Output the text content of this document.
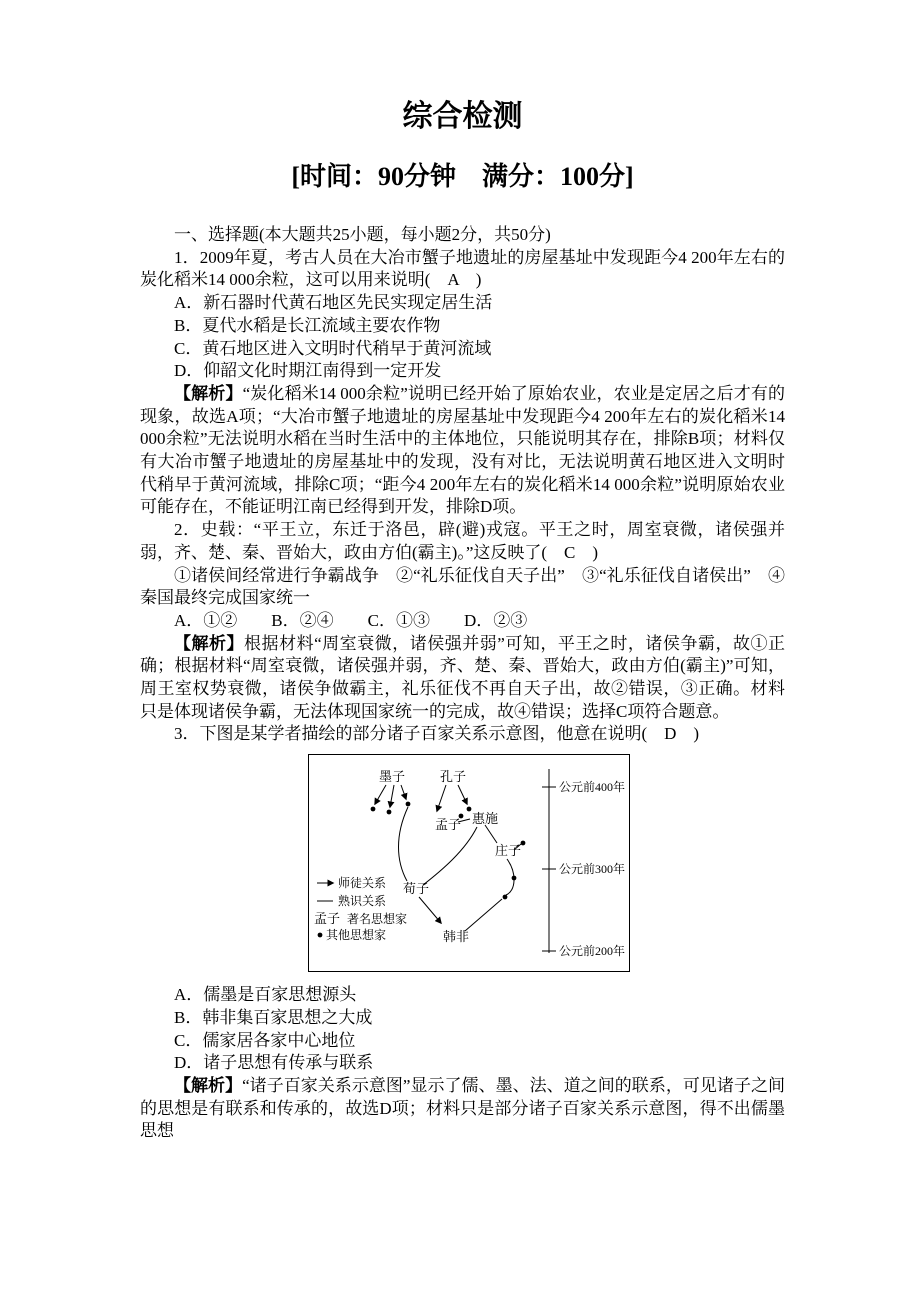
综合检测
[时间：90分钟　满分：100分]

一、选择题(本大题共25小题，每小题2分，共50分)

1．2009年夏，考古人员在大冶市蟹子地遗址的房屋基址中发现距今4 200年左右的炭化稻米14 000余粒，这可以用来说明(　A　)

A．新石器时代黄石地区先民实现定居生活

B．夏代水稻是长江流域主要农作物

C．黄石地区进入文明时代稍早于黄河流域

D．仰韶文化时期江南得到一定开发

【解析】“炭化稻米14 000余粒”说明已经开始了原始农业，农业是定居之后才有的现象，故选A项；“大冶市蟹子地遗址的房屋基址中发现距今4 200年左右的炭化稻米14 000余粒”无法说明水稻在当时生活中的主体地位，只能说明其存在，排除B项；材料仅有大冶市蟹子地遗址的房屋基址中的发现，没有对比，无法说明黄石地区进入文明时代稍早于黄河流域，排除C项；“距今4 200年左右的炭化稻米14 000余粒”说明原始农业可能存在，不能证明江南已经得到开发，排除D项。

2．史载：“平王立，东迁于洛邑，辟(避)戎寇。平王之时，周室衰微，诸侯强并弱，齐、楚、秦、晋始大，政由方伯(霸主)。”这反映了(　C　)

①诸侯间经常进行争霸战争　②“礼乐征伐自天子出”　③“礼乐征伐自诸侯出”　④秦国最终完成国家统一

A．①②　　B．②④　　C．①③　　D．②③

【解析】根据材料“周室衰微，诸侯强并弱”可知，平王之时，诸侯争霸，故①正确；根据材料“周室衰微，诸侯强并弱，齐、楚、秦、晋始大，政由方伯(霸主)”可知，周王室权势衰微，诸侯争做霸主，礼乐征伐不再自天子出，故②错误，③正确。材料只是体现诸侯争霸，无法体现国家统一的完成，故④错误；选择C项符合题意。

3．下图是某学者描绘的部分诸子百家关系示意图，他意在说明(　D　)

公元前400年
公元前300年
公元前200年
墨子	孔子
孟子 惠施
庄子
荀子
韩非
师徒关系
熟识关系
孟子 著名思想家
其他思想家

A．儒墨是百家思想源头

B．韩非集百家思想之大成

C．儒家居各家中心地位

D．诸子思想有传承与联系

【解析】“诸子百家关系示意图”显示了儒、墨、法、道之间的联系，可见诸子之间的思想是有联系和传承的，故选D项；材料只是部分诸子百家关系示意图，得不出儒墨思想
